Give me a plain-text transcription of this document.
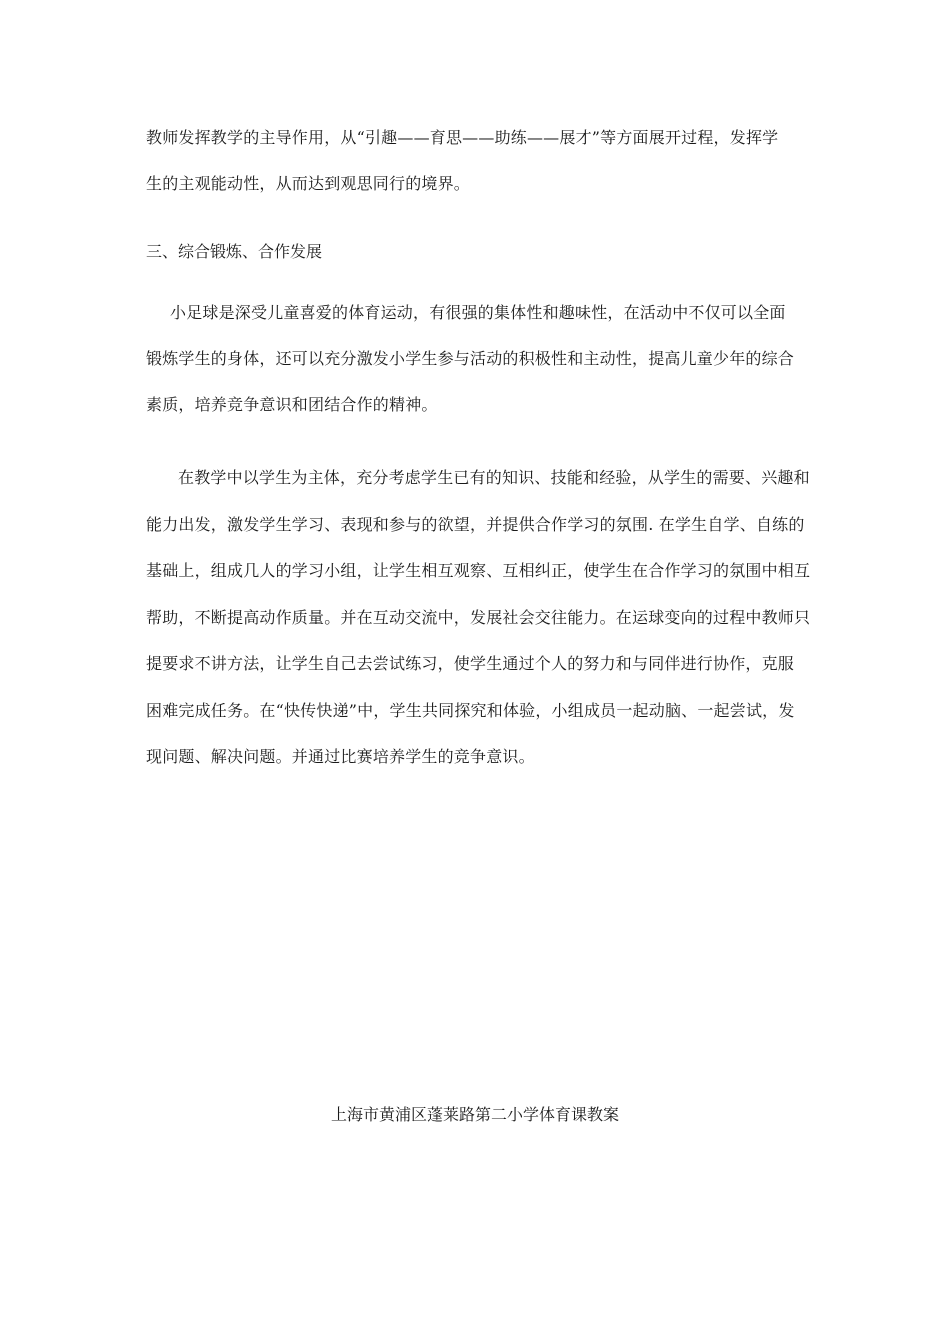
教师发挥教学的主导作用，从“引趣——育思——助练——展才”等方面展开过程，发挥学
生的主观能动性，从而达到观思同行的境界。

三、综合锻炼、合作发展

小足球是深受儿童喜爱的体育运动，有很强的集体性和趣味性，在活动中不仅可以全面
锻炼学生的身体，还可以充分激发小学生参与活动的积极性和主动性，提高儿童少年的综合
素质，培养竞争意识和团结合作的精神。
在教学中以学生为主体，充分考虑学生已有的知识、技能和经验，从学生的需要、兴趣和
能力出发，激发学生学习、表现和参与的欲望，并提供合作学习的氛围. 在学生自学、自练的
基础上，组成几人的学习小组，让学生相互观察、互相纠正，使学生在合作学习的氛围中相互
帮助，不断提高动作质量。并在互动交流中，发展社会交往能力。在运球变向的过程中教师只
提要求不讲方法，让学生自己去尝试练习，使学生通过个人的努力和与同伴进行协作，克服
困难完成任务。在“快传快递”中，学生共同探究和体验，小组成员一起动脑、一起尝试，发
现问题、解决问题。并通过比赛培养学生的竞争意识。

上海市黄浦区蓬莱路第二小学体育课教案
